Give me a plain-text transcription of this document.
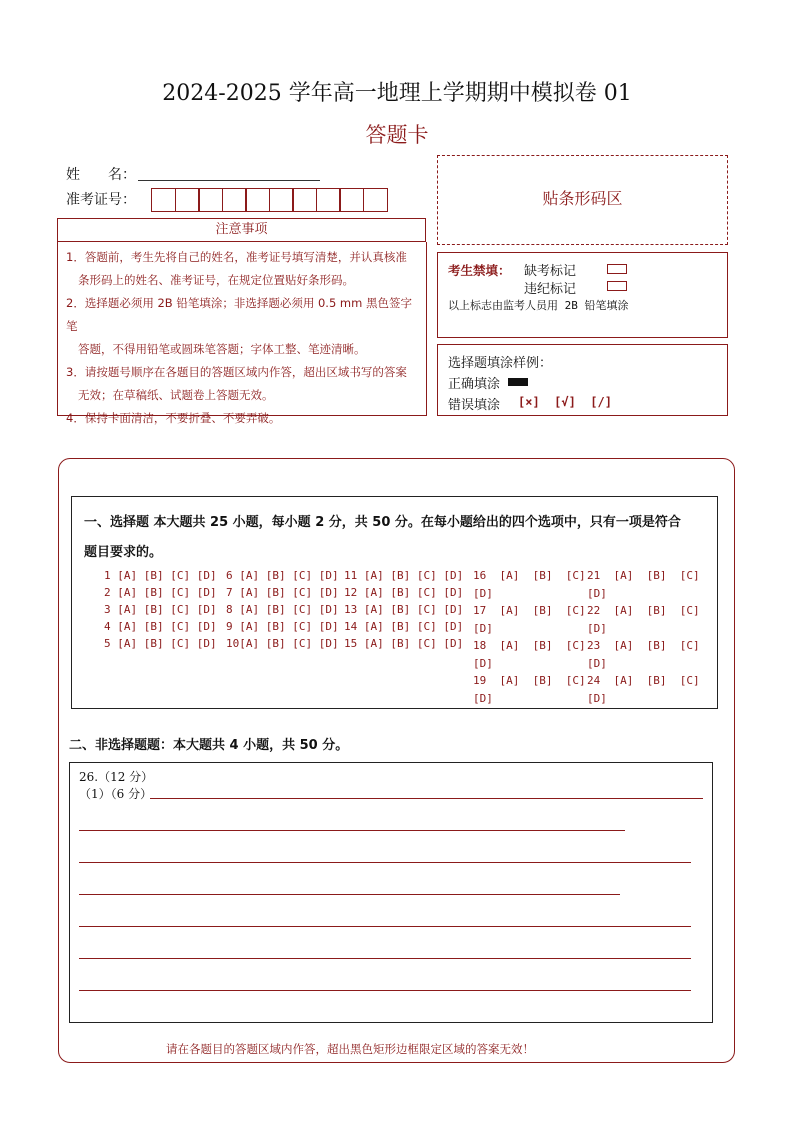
2024-2025 学年高一地理上学期期中模拟卷 01
答题卡
姓　　名：
准考证号：
注意事项

1．答题前，考生先将自己的姓名，准考证号填写清楚，并认真核准

条形码上的姓名、准考证号，在规定位置贴好条形码。

2．选择题必须用 2B 铅笔填涂；非选择题必须用 0.5 mm 黑色签字笔

答题，不得用铅笔或圆珠笔答题；字体工整、笔迹清晰。

3．请按题号顺序在各题目的答题区域内作答，超出区域书写的答案

无效；在草稿纸、试题卷上答题无效。

4．保持卡面清洁，不要折叠、不要弄破。

贴条形码区
考生禁填： 缺考标记
违纪标记
以上标志由监考人员用 2B 铅笔填涂
选择题填涂样例：
正确填涂
错误填涂 [×]  [√]  [/]
一、选择题 本大题共 25 小题，每小题 2 分，共 50 分。在每小题给出的四个选项中，只有一项是符合
题目要求的。
1 [A] [B] [C] [D]
2 [A] [B] [C] [D]
3 [A] [B] [C] [D]
4 [A] [B] [C] [D]
5 [A] [B] [C] [D]
6 [A] [B] [C] [D]
7 [A] [B] [C] [D]
8 [A] [B] [C] [D]
9 [A] [B] [C] [D]
10[A] [B] [C] [D]
11 [A] [B] [C] [D]
12 [A] [B] [C] [D]
13 [A] [B] [C] [D]
14 [A] [B] [C] [D]
15 [A] [B] [C] [D]
16  [A]  [B]  [C]
[D]
17  [A]  [B]  [C]
[D]
18  [A]  [B]  [C]
[D]
19  [A]  [B]  [C]
[D]
21  [A]  [B]  [C]
[D]
22  [A]  [B]  [C]
[D]
23  [A]  [B]  [C]
[D]
24  [A]  [B]  [C]
[D]
二、非选择题题：本大题共 4 小题，共 50 分。
26.（12 分）
（1）（6 分）
请在各题目的答题区域内作答，超出黑色矩形边框限定区域的答案无效！
